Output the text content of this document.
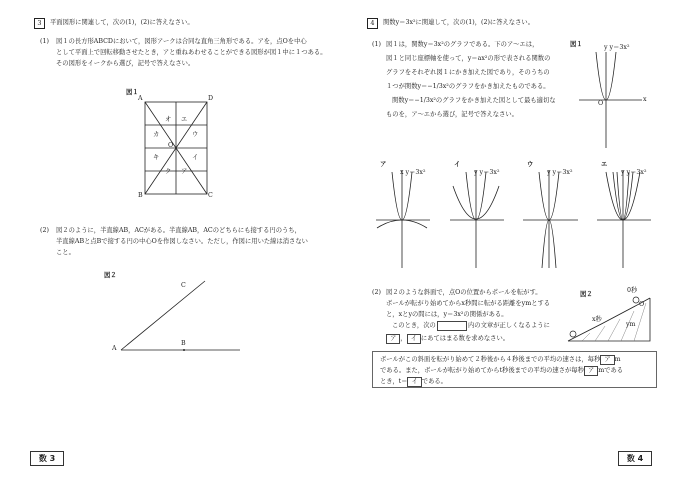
3	平面図形に関連して，次の(1)，(2)に答えなさい。
(1) 図１の長方形ABCDにおいて，図形アークは合同な直角三角形である。アを，点Oを中心
として平面上で回転移動させたとき，アと重ねあわせることができる図形が図１中に１つある。
その図形をイークから選び，記号で答えなさい。
図１
A	D
B	C
O
オ エ
カ	ウ
キ	イ
ク ア
(2) 図２のように，半直線AB，ACがある。半直線AB，ACのどちらにも接する円のうち，
半直線ABと点Bで接する円の中心Oを作図しなさい。ただし，作図に用いた線は消さない
こと。
図２
A
B
C
数 3
4	関数y＝3x²に関連して，次の(1)，(2)に答えなさい。
(1) 図１は，関数y＝3x²のグラフである。下のア～エは，
図１と同じ座標軸を使って，y＝ax²の形で表される関数の
グラフをそれぞれ図１にかき加えた図であり，そのうちの
１つが関数y＝−1/3x²のグラフをかき加えたものである。
関数y＝−1/3x²のグラフをかき加えた図として最も適切な
ものを，ア～エから選び，記号で答えなさい。
図１	y y＝3x²
x
O
ア
x y＝3x²
イ
y y＝3x²
ウ
y y＝3x²
エ
y y＝3x²
(2) 図２のような斜面で，点Oの位置からボールを転がす。
ボールが転がり始めてからx秒間に転がる距離をymとする
と，xとyの間には，y＝3x²の関係がある。
このとき，次の	内の文章が正しくなるように
ア ， イ にあてはまる数を求めなさい。
図２
0秒
O
x秒
ym
ボールがこの斜面を転がり始めて２秒後から４秒後までの平均の速さは，毎秒 ア m
である。また，ボールが転がり始めてからt秒後までの平均の速さが毎秒 ア mである
とき，t＝ イ である。
数 4
